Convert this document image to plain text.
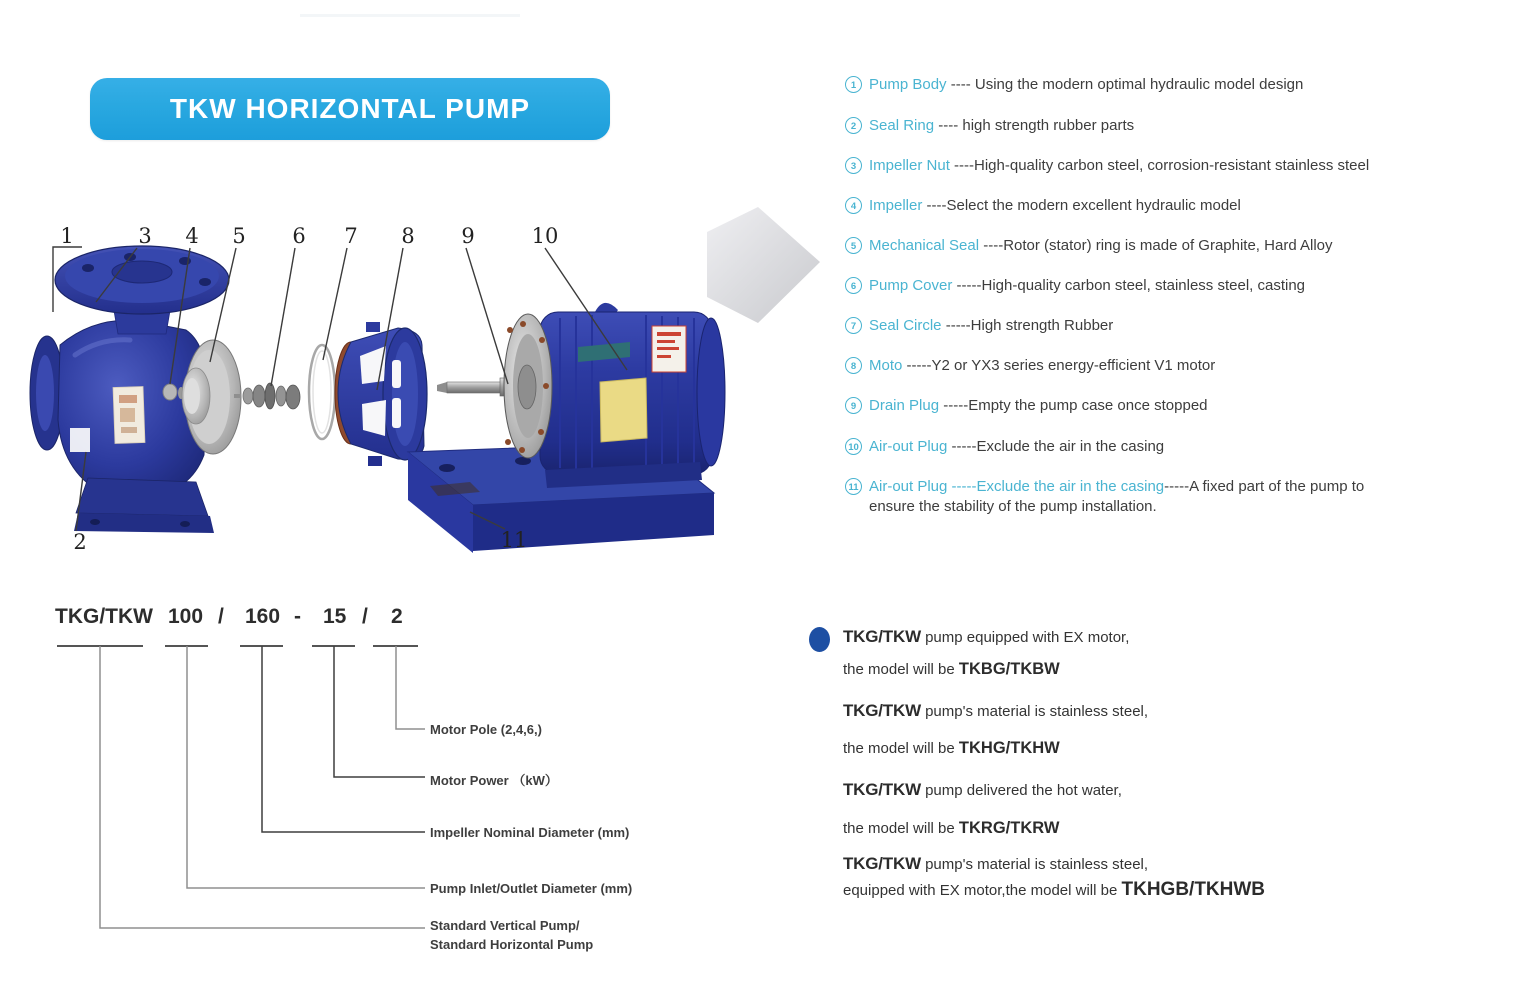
1	3 4 5 6 7 8 9	10
2	11
TKW HORIZONTAL PUMP
1 Pump Body ---- Using the modern optimal hydraulic model design
2 Seal Ring ---- high strength rubber parts
3 Impeller Nut ----High-quality carbon steel, corrosion-resistant stainless steel
4 Impeller ----Select the modern excellent hydraulic model
5 Mechanical Seal ----Rotor (stator) ring is made of Graphite, Hard Alloy
6 Pump Cover -----High-quality carbon steel, stainless steel, casting
7 Seal Circle -----High strength Rubber
8 Moto -----Y2 or YX3 series energy-efficient V1 motor
9 Drain Plug -----Empty the pump case once stopped
10 Air-out Plug -----Exclude the air in the casing
11 Air-out Plug -----Exclude the air in the casing -----A fixed part of the pump to
ensure the stability of the pump installation.
TKG/TKW 100 / 160 - 15 / 2
Motor Pole (2,4,6,)
Motor Power （kW）
Impeller Nominal Diameter (mm)
Pump Inlet/Outlet Diameter (mm)
Standard Vertical Pump/
Standard Horizontal Pump
TKG/TKW pump equipped with EX motor,
the model will be TKBG/TKBW
TKG/TKW pump's material is stainless steel,
the model will be TKHG/TKHW
TKG/TKW pump delivered the hot water,
the model will be TKRG/TKRW
TKG/TKW pump's material is stainless steel,
equipped with EX motor,the model will be TKHGB/TKHWB
